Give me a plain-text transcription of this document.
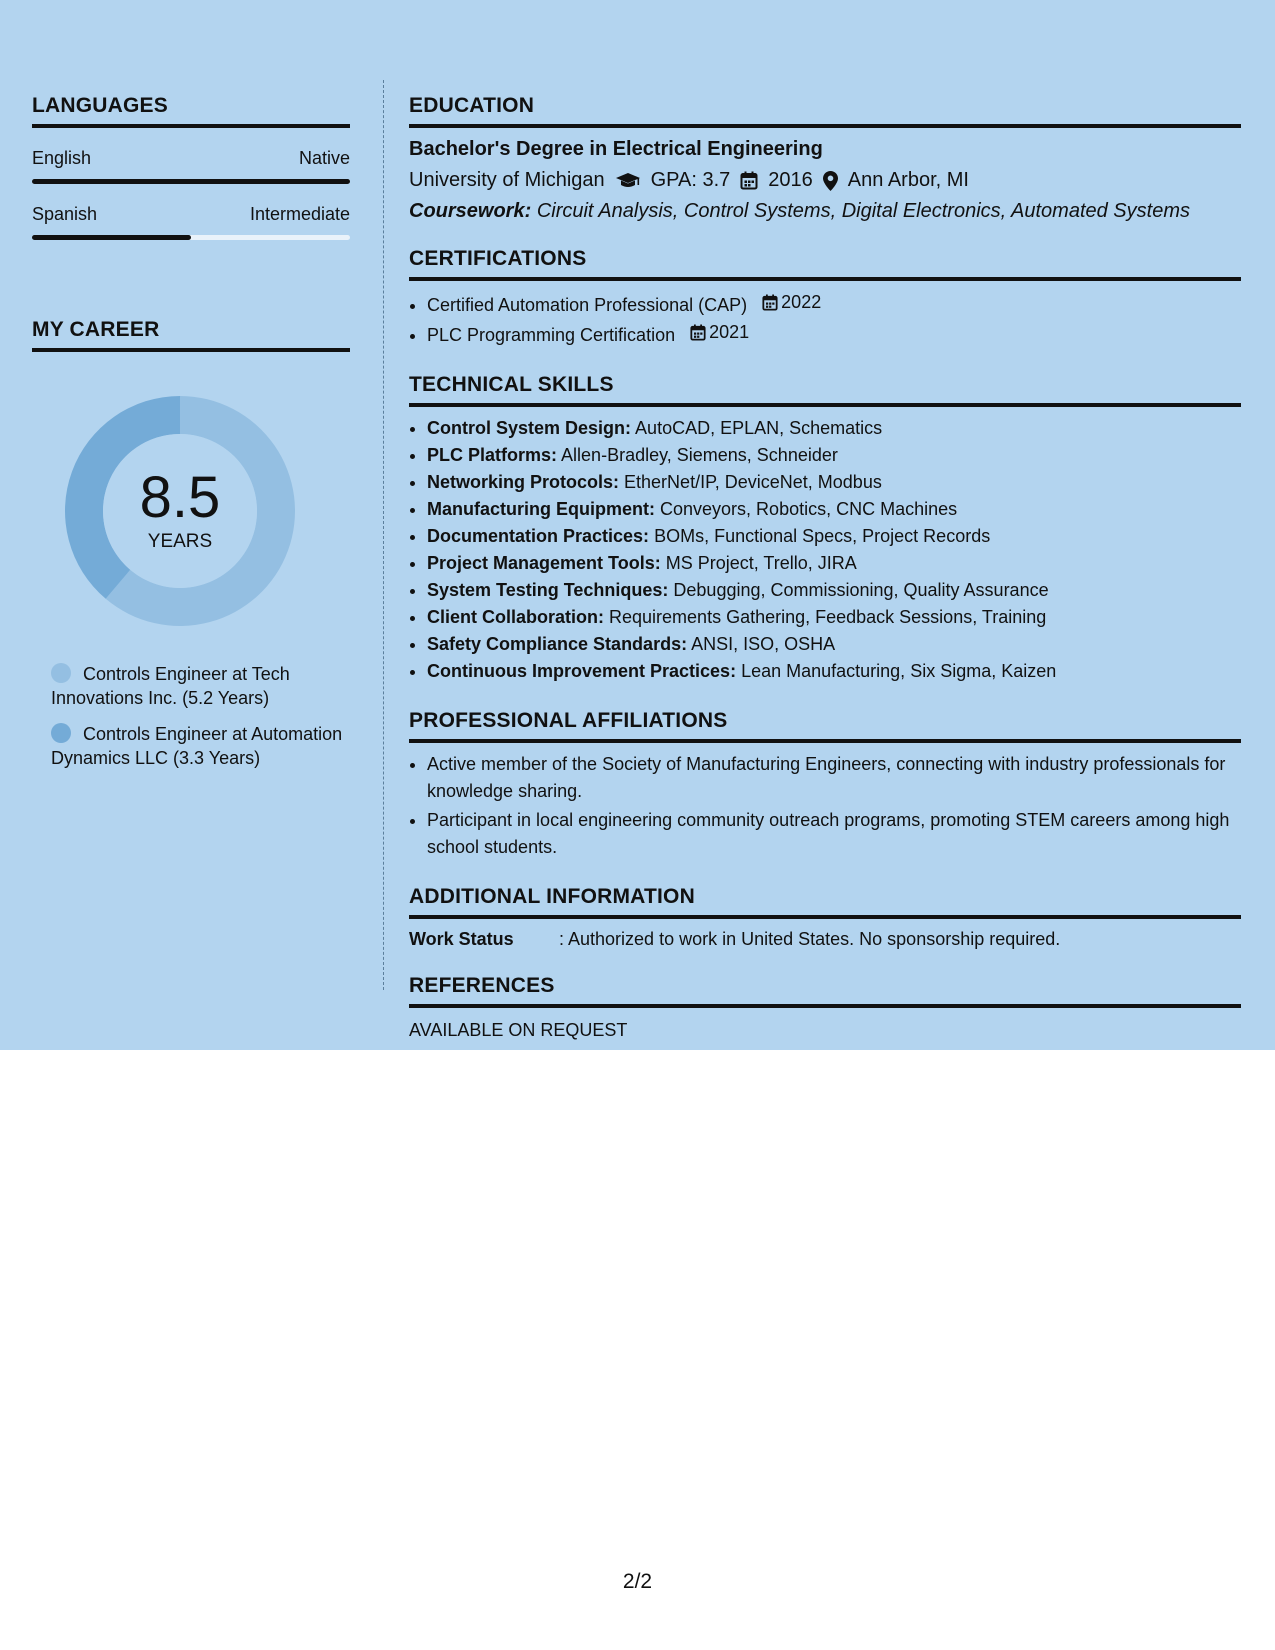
LANGUAGES
English	Native
Spanish	Intermediate
MY CAREER
8.5
YEARS
Controls Engineer at Tech Innovations Inc. (5.2 Years)
Controls Engineer at Automation Dynamics LLC (3.3 Years)
EDUCATION
Bachelor's Degree in Electrical Engineering
University of Michigan GPA: 3.7 2016 Ann Arbor, MI
Coursework: Circuit Analysis, Control Systems, Digital Electronics, Automated Systems
CERTIFICATIONS
• Certified Automation Professional (CAP) 2022
• PLC Programming Certification 2021
TECHNICAL SKILLS
• Control System Design: AutoCAD, EPLAN, Schematics
• PLC Platforms: Allen-Bradley, Siemens, Schneider
• Networking Protocols: EtherNet/IP, DeviceNet, Modbus
• Manufacturing Equipment: Conveyors, Robotics, CNC Machines
• Documentation Practices: BOMs, Functional Specs, Project Records
• Project Management Tools: MS Project, Trello, JIRA
• System Testing Techniques: Debugging, Commissioning, Quality Assurance
• Client Collaboration: Requirements Gathering, Feedback Sessions, Training
• Safety Compliance Standards: ANSI, ISO, OSHA
• Continuous Improvement Practices: Lean Manufacturing, Six Sigma, Kaizen
PROFESSIONAL AFFILIATIONS
• Active member of the Society of Manufacturing Engineers, connecting with industry professionals for knowledge sharing.
• Participant in local engineering community outreach programs, promoting STEM careers among high school students.
ADDITIONAL INFORMATION
Work Status	: Authorized to work in United States. No sponsorship required.
REFERENCES
AVAILABLE ON REQUEST
2/2
